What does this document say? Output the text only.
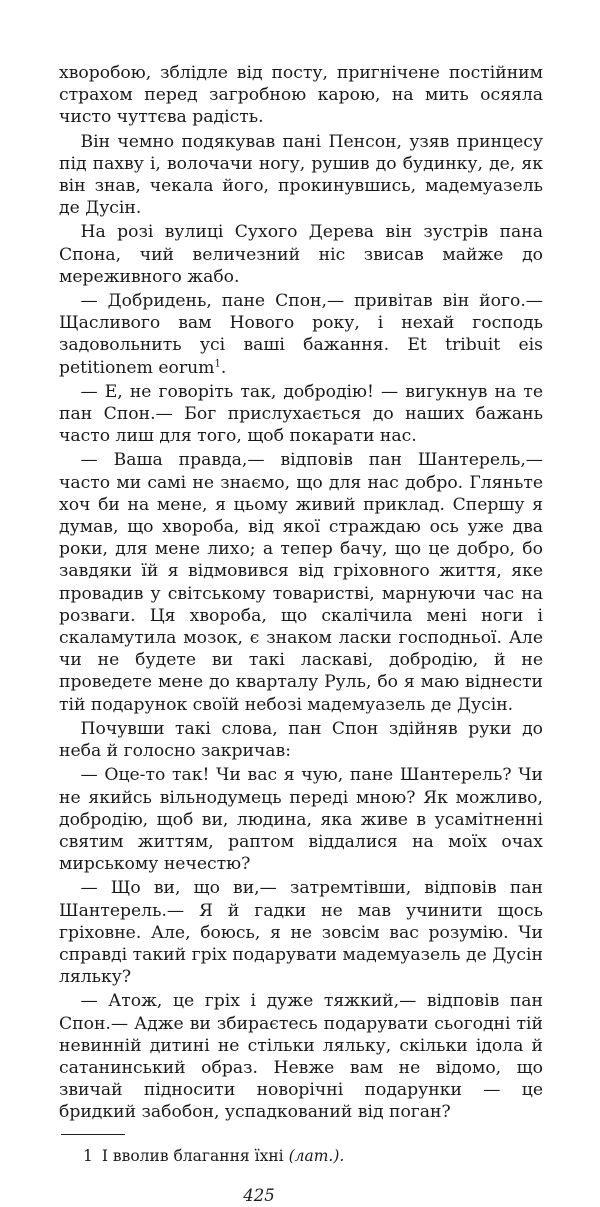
хворобою, зблідле від посту, пригнічене постійним страхом перед загробною карою, на мить осяяла чисто чуттєва радість.

Він чемно подякував пані Пенсон, узяв принцесу під пахву і, волочачи ногу, рушив до будинку, де, як він знав, чекала його, прокинувшись, мадемуазель де Дусін.

На розі вулиці Сухого Дерева він зустрів пана Спона, чий величезний ніс звисав майже до мереживного жабо.

— Добридень, пане Спон,— привітав він його.— Щасливого вам Нового року, і нехай господь задовольнить усі ваші бажання. Et tribuit eis petitionem eorum$^1$.

— Е, не говоріть так, добродію! — вигукнув на те пан Спон.— Бог прислухається до наших бажань часто лиш для того, щоб покарати нас.

— Ваша правда,— відповів пан Шантерель,— часто ми самі не знаємо, що для нас добро. Гляньте хоч би на мене, я цьому живий приклад. Спершу я думав, що хвороба, від якої страждаю ось уже два роки, для мене лихо; а тепер бачу, що це добро, бо завдяки їй я відмовився від гріховного життя, яке провадив у світському товаристві, марнуючи час на розваги. Ця хвороба, що скалічила мені ноги і скаламутила мозок, є знаком ласки господньої. Але чи не будете ви такі ласкаві, добродію, й не проведете мене до кварталу Руль, бо я маю віднести тій подарунок своїй небозі мадемуазель де Дусін.

Почувши такі слова, пан Спон здійняв руки до неба й голосно закричав:

— Оце-то так! Чи вас я чую, пане Шантерель? Чи не якийсь вільнодумець переді мною? Як можливо, добродію, щоб ви, людина, яка живе в усамітненні святим життям, раптом віддалися на моїх очах мирському нечестю?

— Що ви, що ви,— затремтівши, відповів пан Шантерель.— Я й гадки не мав учинити щось гріховне. Але, боюсь, я не зовсім вас розумію. Чи справді такий гріх подарувати мадемуазель де Дусін ляльку?

— Атож, це гріх і дуже тяжкий,— відповів пан Спон.— Адже ви збираєтесь подарувати сьогодні тій невинній дитині не стільки ляльку, скільки ідола й сатанинський образ. Невже вам не відомо, що звичай підносити новорічні подарунки — це бридкий забобон, успадкований від поган?

1 І вволив благання їхні (лат.).
425
